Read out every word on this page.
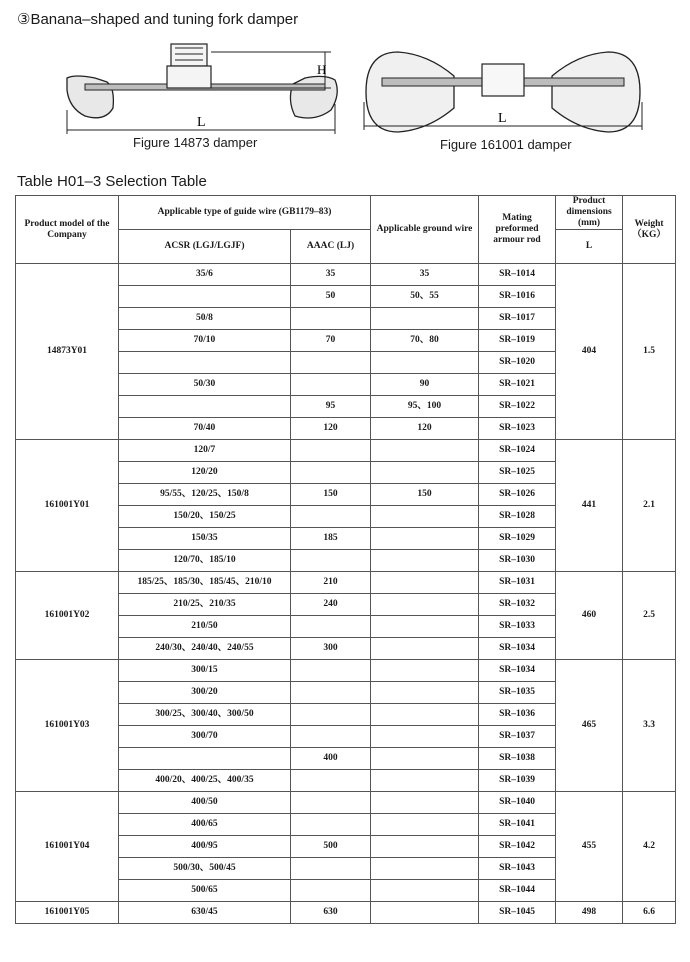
③Banana–shaped and tuning fork damper
H
L
Figure 14873 damper
L
Figure 161001 damper
Table H01–3 Selection Table
Product model of the Company	Applicable type of guide wire (GB1179–83)		Applicable ground wire	Mating preformed armour rod	Product dimensions (mm)	Weight（KG）
	ACSR (LGJ/LGJF)	AAAC (LJ)			L	
14873Y01	35/6	35	35	SR–1014	404	1.5
		50	50、55	SR–1016		
	50/8			SR–1017		
	70/10	70	70、80	SR–1019		
				SR–1020		
	50/30		90	SR–1021		
		95	95、100	SR–1022		
	70/40	120	120	SR–1023		
161001Y01	120/7			SR–1024	441	2.1
	120/20			SR–1025		
	95/55、120/25、150/8	150	150	SR–1026		
	150/20、150/25			SR–1028		
	150/35	185		SR–1029		
	120/70、185/10			SR–1030		
161001Y02	185/25、185/30、185/45、210/10	210		SR–1031	460	2.5
	210/25、210/35	240		SR–1032		
	210/50			SR–1033		
	240/30、240/40、240/55	300		SR–1034		
161001Y03	300/15			SR–1034	465	3.3
	300/20			SR–1035		
	300/25、300/40、300/50			SR–1036		
	300/70			SR–1037		
		400		SR–1038		
	400/20、400/25、400/35			SR–1039		
161001Y04	400/50			SR–1040	455	4.2
	400/65			SR–1041		
	400/95	500		SR–1042		
	500/30、500/45			SR–1043		
	500/65			SR–1044		
161001Y05	630/45	630		SR–1045	498	6.6
